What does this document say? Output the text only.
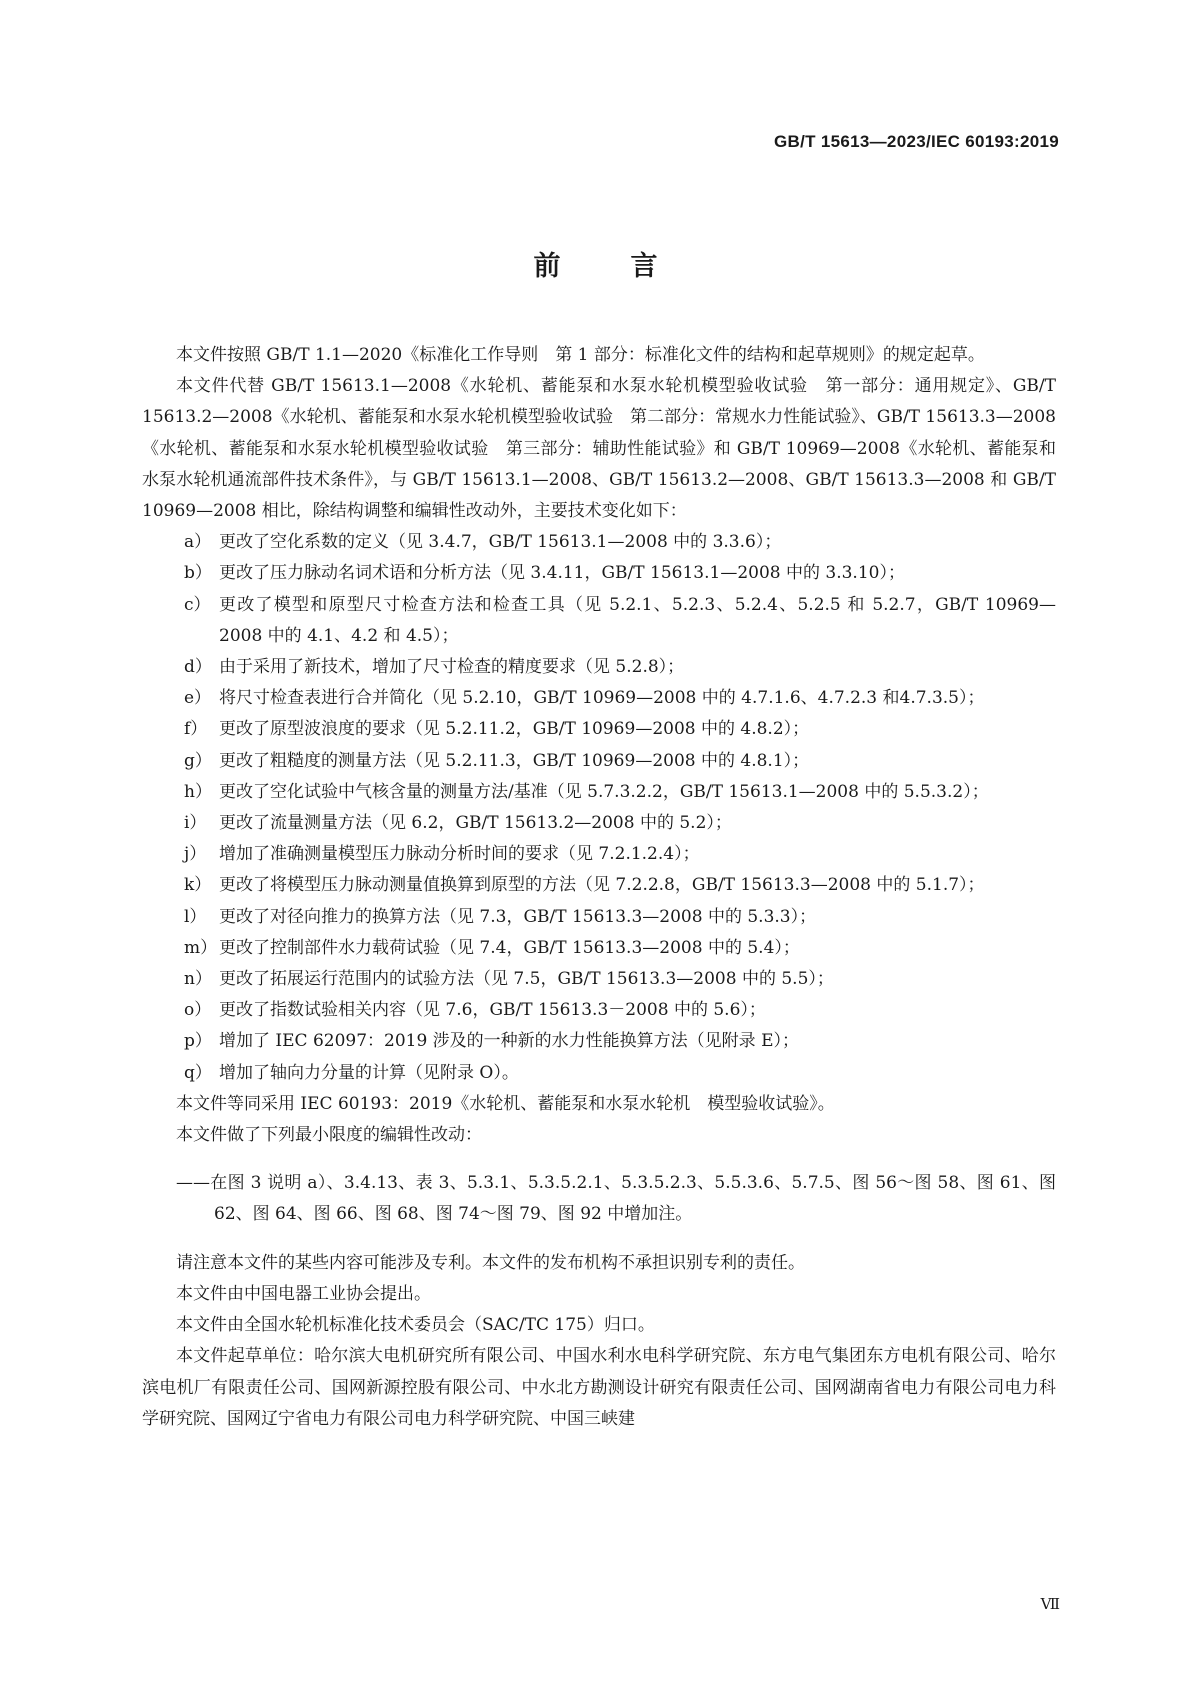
GB/T 15613—2023/IEC 60193:2019
前言

本文件按照 GB/T 1.1—2020《标准化工作导则　第 1 部分：标准化文件的结构和起草规则》的规定起草。

本文件代替 GB/T 15613.1—2008《水轮机、蓄能泵和水泵水轮机模型验收试验　第一部分：通用规定》、GB/T 15613.2—2008《水轮机、蓄能泵和水泵水轮机模型验收试验　第二部分：常规水力性能试验》、GB/T 15613.3—2008《水轮机、蓄能泵和水泵水轮机模型验收试验　第三部分：辅助性能试验》和 GB/T 10969—2008《水轮机、蓄能泵和水泵水轮机通流部件技术条件》，与 GB/T 15613.1—2008、GB/T 15613.2—2008、GB/T 15613.3—2008 和 GB/T 10969—2008 相比，除结构调整和编辑性改动外，主要技术变化如下：

a） 更改了空化系数的定义（见 3.4.7，GB/T 15613.1—2008 中的 3.3.6）；
b） 更改了压力脉动名词术语和分析方法（见 3.4.11，GB/T 15613.1—2008 中的 3.3.10）；
c） 更改了模型和原型尺寸检查方法和检查工具（见 5.2.1、5.2.3、5.2.4、5.2.5 和 5.2.7，GB/T 10969—2008 中的 4.1、4.2 和 4.5）；
d） 由于采用了新技术，增加了尺寸检查的精度要求（见 5.2.8）；
e） 将尺寸检查表进行合并简化（见 5.2.10，GB/T 10969—2008 中的 4.7.1.6、4.7.2.3 和4.7.3.5）；
f） 更改了原型波浪度的要求（见 5.2.11.2，GB/T 10969—2008 中的 4.8.2）；
g） 更改了粗糙度的测量方法（见 5.2.11.3，GB/T 10969—2008 中的 4.8.1）；
h） 更改了空化试验中气核含量的测量方法/基准（见 5.7.3.2.2，GB/T 15613.1—2008 中的 5.5.3.2）；
i） 更改了流量测量方法（见 6.2，GB/T 15613.2—2008 中的 5.2）；
j） 增加了准确测量模型压力脉动分析时间的要求（见 7.2.1.2.4）；
k） 更改了将模型压力脉动测量值换算到原型的方法（见 7.2.2.8，GB/T 15613.3—2008 中的 5.1.7）；
l） 更改了对径向推力的换算方法（见 7.3，GB/T 15613.3—2008 中的 5.3.3）；
m） 更改了控制部件水力载荷试验（见 7.4，GB/T 15613.3—2008 中的 5.4）；
n） 更改了拓展运行范围内的试验方法（见 7.5，GB/T 15613.3—2008 中的 5.5）；
o） 更改了指数试验相关内容（见 7.6，GB/T 15613.3－2008 中的 5.6）；
p） 增加了 IEC 62097：2019 涉及的一种新的水力性能换算方法（见附录 E）；
q） 增加了轴向力分量的计算（见附录 O）。

本文件等同采用 IEC 60193：2019《水轮机、蓄能泵和水泵水轮机　模型验收试验》。

本文件做了下列最小限度的编辑性改动：

——在图 3 说明 a）、3.4.13、表 3、5.3.1、5.3.5.2.1、5.3.5.2.3、5.5.3.6、5.7.5、图 56～图 58、图 61、图 62、图 64、图 66、图 68、图 74～图 79、图 92 中增加注。

请注意本文件的某些内容可能涉及专利。本文件的发布机构不承担识别专利的责任。

本文件由中国电器工业协会提出。

本文件由全国水轮机标准化技术委员会（SAC/TC 175）归口。

本文件起草单位：哈尔滨大电机研究所有限公司、中国水利水电科学研究院、东方电气集团东方电机有限公司、哈尔滨电机厂有限责任公司、国网新源控股有限公司、中水北方勘测设计研究有限责任公司、国网湖南省电力有限公司电力科学研究院、国网辽宁省电力有限公司电力科学研究院、中国三峡建

Ⅶ
